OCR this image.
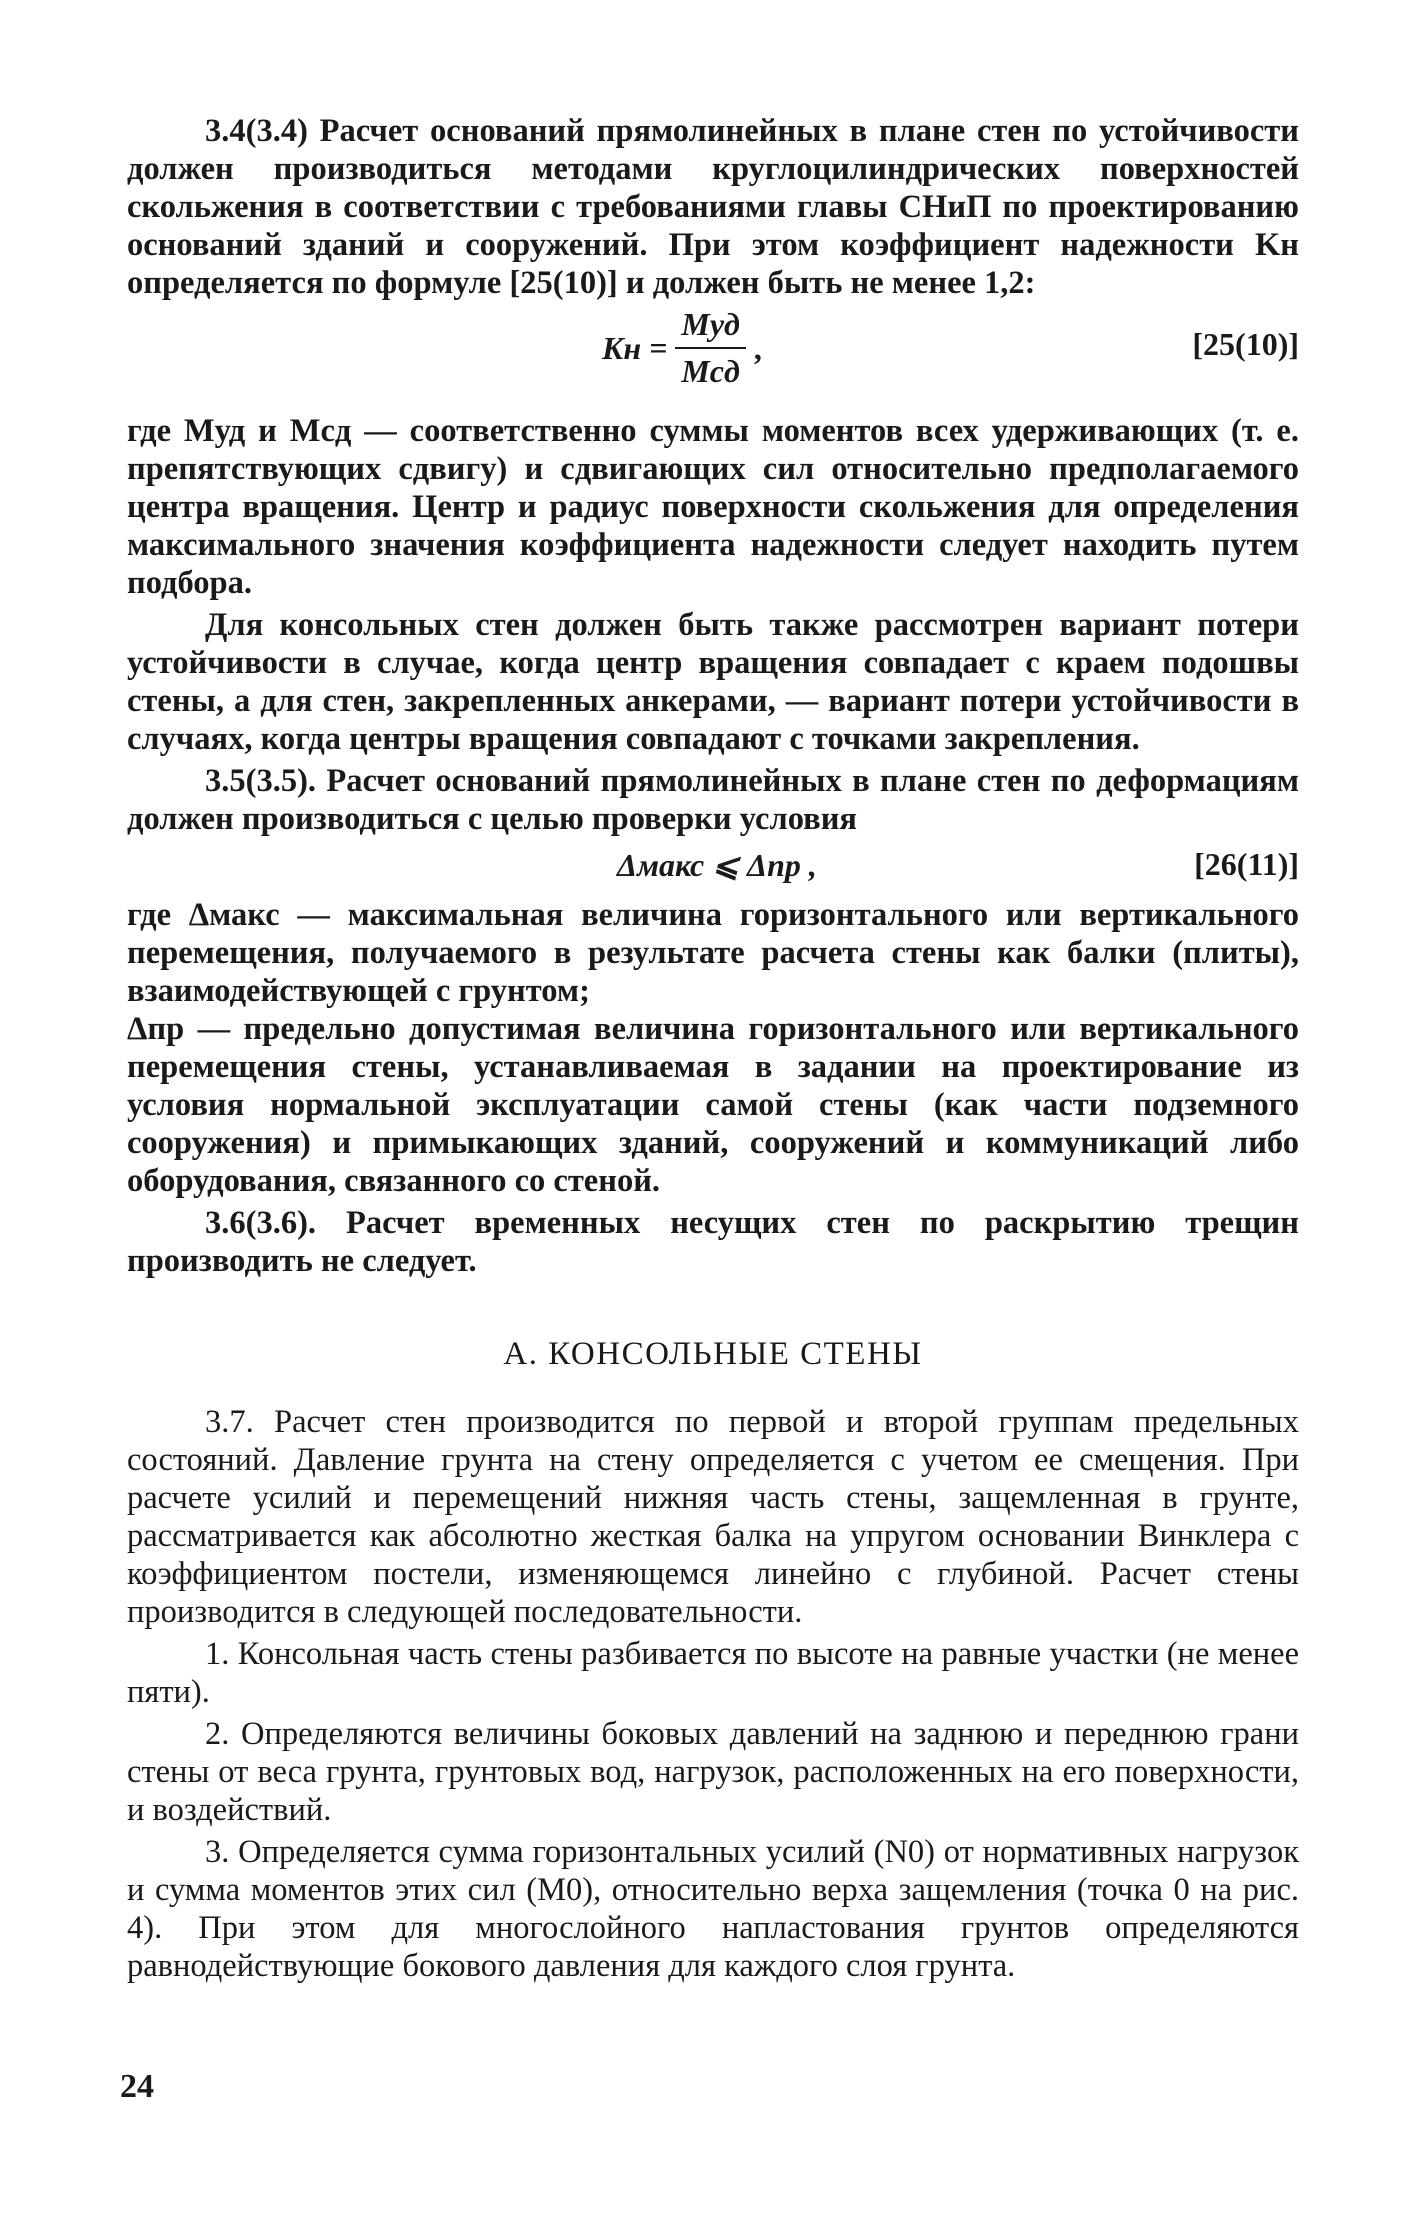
3.4(3.4) Расчет оснований прямолинейных в плане стен по устойчивости должен производиться методами круглоцилиндрических поверхностей скольжения в соответствии с требованиями главы СНиП по проектированию оснований зданий и сооружений. При этом коэффициент надежности Kн определяется по формуле [25(10)] и должен быть не менее 1,2:

Kн = $\frac{\text{Mуд}}{\text{Mсд}}$ ,	[25(10)]

где Mуд и Mсд — соответственно суммы моментов всех удерживающих (т. е. препятствующих сдвигу) и сдвигающих сил относительно предполагаемого центра вращения. Центр и радиус поверхности скольжения для определения максимального значения коэффициента надежности следует находить путем подбора.

Для консольных стен должен быть также рассмотрен вариант потери устойчивости в случае, когда центр вращения совпадает с краем подошвы стены, а для стен, закрепленных анкерами, — вариант потери устойчивости в случаях, когда центры вращения совпадают с точками закрепления.

3.5(3.5). Расчет оснований прямолинейных в плане стен по деформациям должен производиться с целью проверки условия

Δмакс ⩽ Δпр ,	[26(11)]

где Δмакс — максимальная величина горизонтального или вертикального перемещения, получаемого в результате расчета стены как балки (плиты), взаимодействующей с грунтом;

Δпр — предельно допустимая величина горизонтального или вертикального перемещения стены, устанавливаемая в задании на проектирование из условия нормальной эксплуатации самой стены (как части подземного сооружения) и примыкающих зданий, сооружений и коммуникаций либо оборудования, связанного со стеной.

3.6(3.6). Расчет временных несущих стен по раскрытию трещин производить не следует.

А. КОНСОЛЬНЫЕ СТЕНЫ

3.7. Расчет стен производится по первой и второй группам предельных состояний. Давление грунта на стену определяется с учетом ее смещения. При расчете усилий и перемещений нижняя часть стены, защемленная в грунте, рассматривается как абсолютно жесткая балка на упругом основании Винклера с коэффициентом постели, изменяющемся линейно с глубиной. Расчет стены производится в следующей последовательности.

1. Консольная часть стены разбивается по высоте на равные участки (не менее пяти).

2. Определяются величины боковых давлений на заднюю и переднюю грани стены от веса грунта, грунтовых вод, нагрузок, расположенных на его поверхности, и воздействий.

3. Определяется сумма горизонтальных усилий (N0) от нормативных нагрузок и сумма моментов этих сил (M0), относительно верха защемления (точка 0 на рис. 4). При этом для многослойного напластования грунтов определяются равнодействующие бокового давления для каждого слоя грунта.

24
